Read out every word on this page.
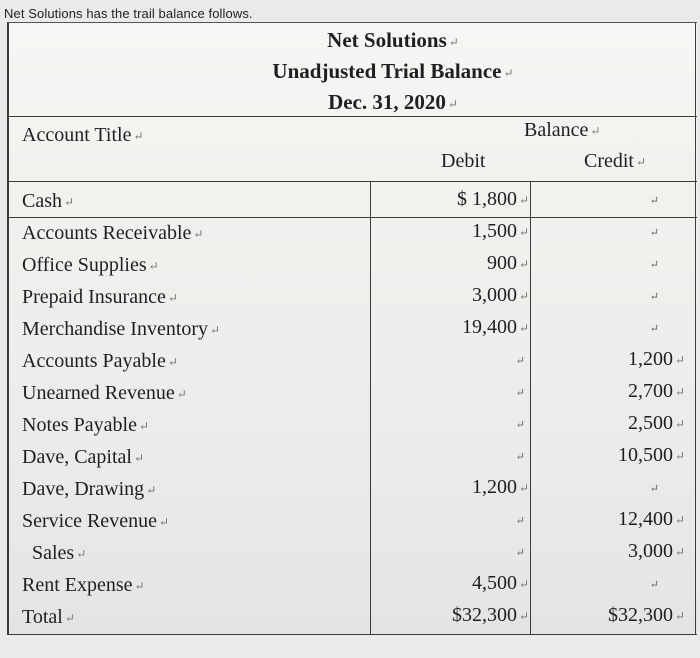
Net Solutions has the trail balance follows.
Net Solutions ↵
Unadjusted Trial Balance ↵
Dec. 31, 2020 ↵
Account Title ↵	Balance ↵
Debit	Credit ↵
Cash ↵	$ 1,800 ↵	↵
Accounts Receivable ↵	1,500 ↵	↵
Office Supplies ↵	900 ↵	↵
Prepaid Insurance ↵	3,000 ↵	↵
Merchandise Inventory ↵	19,400 ↵	↵
Accounts Payable ↵	↵	1,200 ↵
Unearned Revenue ↵	↵	2,700 ↵
Notes Payable ↵	↵	2,500 ↵
Dave, Capital ↵	↵	10,500 ↵
Dave, Drawing ↵	1,200 ↵	↵
Service Revenue ↵	↵	12,400 ↵
Sales ↵	↵	3,000 ↵
Rent Expense ↵	4,500 ↵	↵
Total ↵	$32,300 ↵	$32,300 ↵
